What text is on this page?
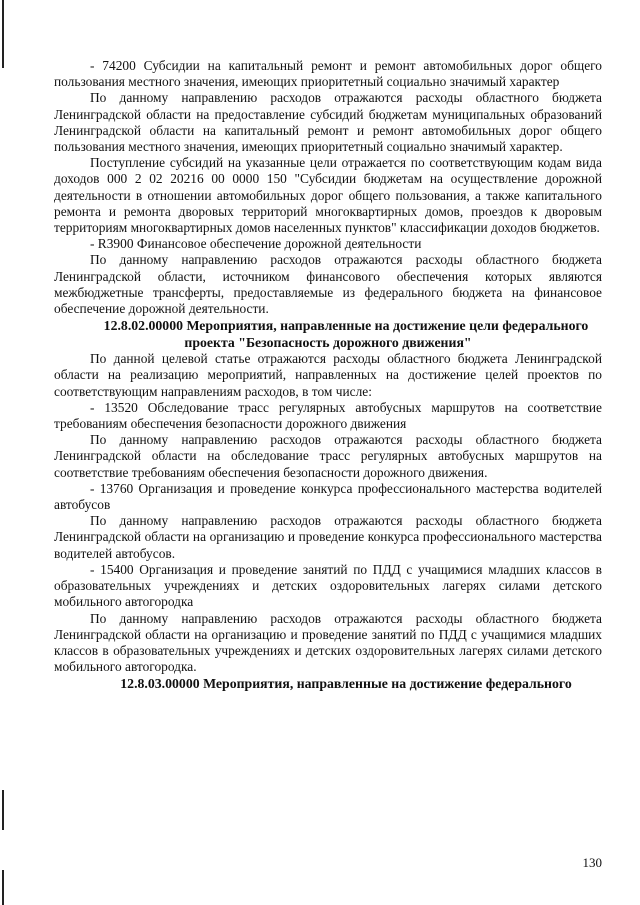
- 74200 Субсидии на капитальный ремонт и ремонт автомобильных дорог общего пользования местного значения, имеющих приоритетный социально значимый характер

По данному направлению расходов отражаются расходы областного бюджета Ленинградской области на предоставление субсидий бюджетам муниципальных образований Ленинградской области на капитальный ремонт и ремонт автомобильных дорог общего пользования местного значения, имеющих приоритетный социально значимый характер.

Поступление субсидий на указанные цели отражается по соответствующим кодам вида доходов 000 2 02 20216 00 0000 150 "Субсидии бюджетам на осуществление дорожной деятельности в отношении автомобильных дорог общего пользования, а также капитального ремонта и ремонта дворовых территорий многоквартирных домов, проездов к дворовым территориям многоквартирных домов населенных пунктов" классификации доходов бюджетов.

- R3900 Финансовое обеспечение дорожной деятельности

По данному направлению расходов отражаются расходы областного бюджета Ленинградской области, источником финансового обеспечения которых являются межбюджетные трансферты, предоставляемые из федерального бюджета на финансовое обеспечение дорожной деятельности.

12.8.02.00000 Мероприятия, направленные на достижение цели федерального проекта "Безопасность дорожного движения"

По данной целевой статье отражаются расходы областного бюджета Ленинградской области на реализацию мероприятий, направленных на достижение целей проектов по соответствующим направлениям расходов, в том числе:

- 13520 Обследование трасс регулярных автобусных маршрутов на соответствие требованиям обеспечения безопасности дорожного движения

По данному направлению расходов отражаются расходы областного бюджета Ленинградской области на обследование трасс регулярных автобусных маршрутов на соответствие требованиям обеспечения безопасности дорожного движения.

- 13760 Организация и проведение конкурса профессионального мастерства водителей автобусов

По данному направлению расходов отражаются расходы областного бюджета Ленинградской области на организацию и проведение конкурса профессионального мастерства водителей автобусов.

- 15400 Организация и проведение занятий по ПДД с учащимися младших классов в образовательных учреждениях и детских оздоровительных лагерях силами детского мобильного автогородка

По данному направлению расходов отражаются расходы областного бюджета Ленинградской области на организацию и проведение занятий по ПДД с учащимися младших классов в образовательных учреждениях и детских оздоровительных лагерях силами детского мобильного автогородка.

12.8.03.00000 Мероприятия, направленные на достижение федерального

130
